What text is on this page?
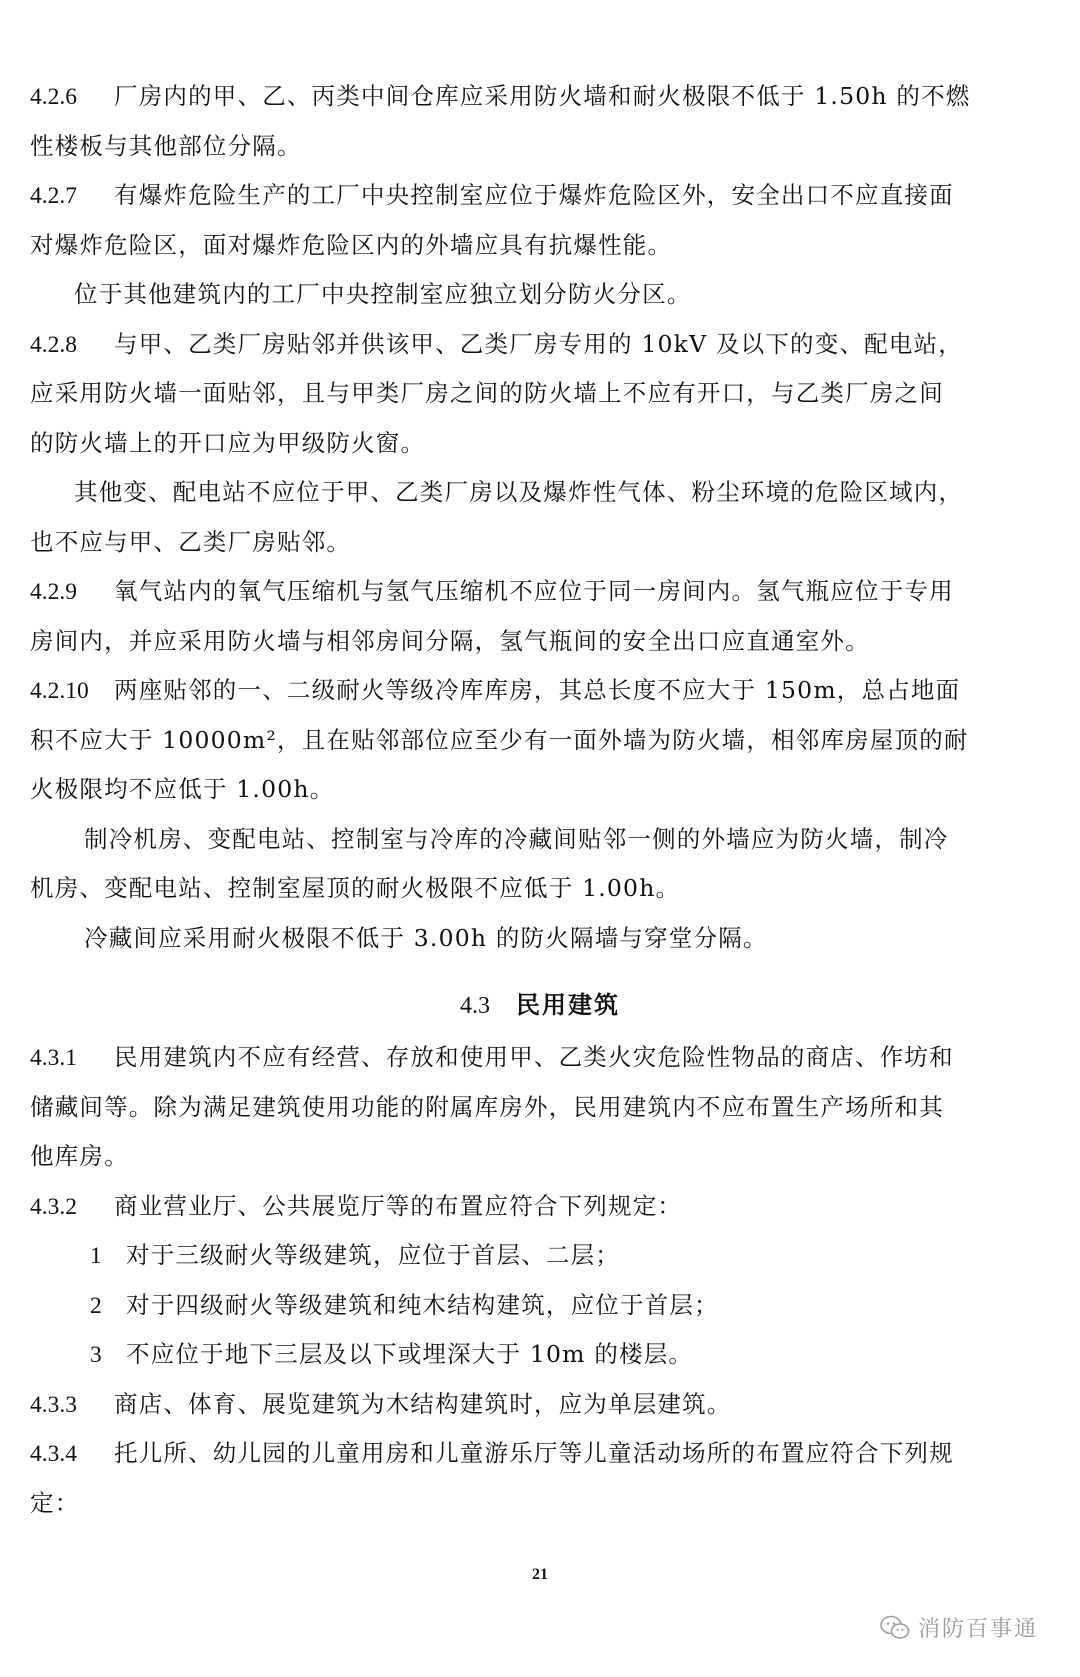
4.2.6	厂房内的甲、乙、丙类中间仓库应采用防火墙和耐火极限不低于 1.50h 的不燃
性楼板与其他部位分隔。
4.2.7	有爆炸危险生产的工厂中央控制室应位于爆炸危险区外，安全出口不应直接面
对爆炸危险区，面对爆炸危险区内的外墙应具有抗爆性能。
位于其他建筑内的工厂中央控制室应独立划分防火分区。
4.2.8	与甲、乙类厂房贴邻并供该甲、乙类厂房专用的 10kV 及以下的变、配电站，
应采用防火墙一面贴邻，且与甲类厂房之间的防火墙上不应有开口，与乙类厂房之间
的防火墙上的开口应为甲级防火窗。
其他变、配电站不应位于甲、乙类厂房以及爆炸性气体、粉尘环境的危险区域内，
也不应与甲、乙类厂房贴邻。
4.2.9	氧气站内的氧气压缩机与氢气压缩机不应位于同一房间内。氢气瓶应位于专用
房间内，并应采用防火墙与相邻房间分隔，氢气瓶间的安全出口应直通室外。
4.2.10	两座贴邻的一、二级耐火等级冷库库房，其总长度不应大于 150m，总占地面
积不应大于 10000m²，且在贴邻部位应至少有一面外墙为防火墙，相邻库房屋顶的耐
火极限均不应低于 1.00h。
制冷机房、变配电站、控制室与冷库的冷藏间贴邻一侧的外墙应为防火墙，制冷
机房、变配电站、控制室屋顶的耐火极限不应低于 1.00h。
冷藏间应采用耐火极限不低于 3.00h 的防火隔墙与穿堂分隔。
4.3 民用建筑
4.3.1	民用建筑内不应有经营、存放和使用甲、乙类火灾危险性物品的商店、作坊和
储藏间等。除为满足建筑使用功能的附属库房外，民用建筑内不应布置生产场所和其
他库房。
4.3.2	商业营业厅、公共展览厅等的布置应符合下列规定：
1	对于三级耐火等级建筑，应位于首层、二层；
2	对于四级耐火等级建筑和纯木结构建筑，应位于首层；
3	不应位于地下三层及以下或埋深大于 10m 的楼层。
4.3.3	商店、体育、展览建筑为木结构建筑时，应为单层建筑。
4.3.4	托儿所、幼儿园的儿童用房和儿童游乐厅等儿童活动场所的布置应符合下列规
定：
21
消防百事通
